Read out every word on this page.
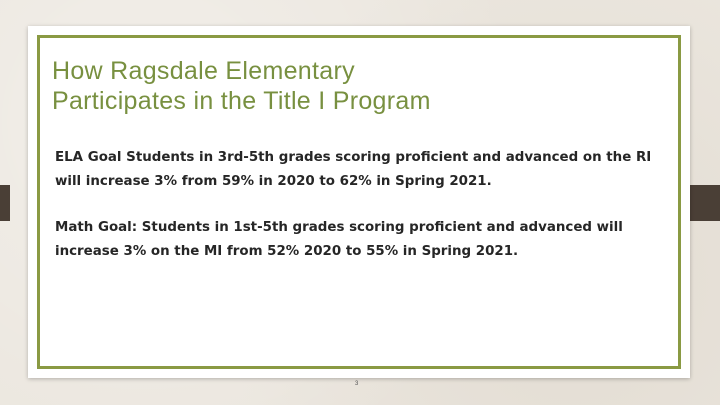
How Ragsdale Elementary
Participates in the Title I Program

ELA Goal Students in 3rd-5th grades scoring proficient and advanced on the RI will increase 3% from 59% in 2020 to 62% in Spring 2021.

Math Goal: Students in 1st-5th grades scoring proficient and advanced will increase 3% on the MI from 52% 2020 to 55% in Spring 2021.

3
